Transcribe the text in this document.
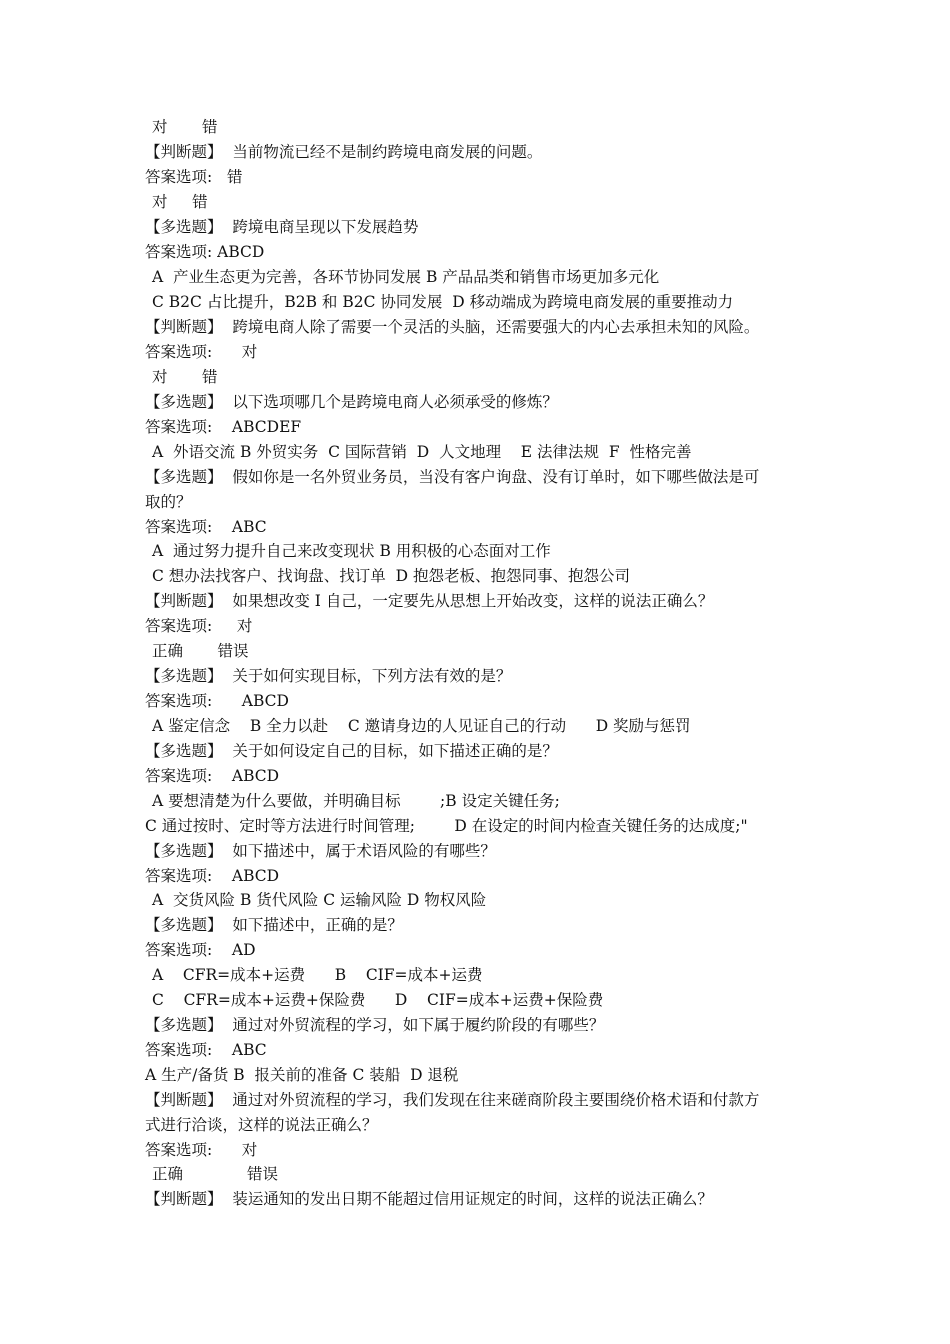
对       错
【判断题】  当前物流已经不是制约跨境电商发展的问题。
答案选项:   错
对     错
【多选题】  跨境电商呈现以下发展趋势
答案选项: ABCD
A  产业生态更为完善，各环节协同发展 B 产品品类和销售市场更加多元化
C B2C 占比提升，B2B 和 B2C 协同发展  D 移动端成为跨境电商发展的重要推动力
【判断题】  跨境电商人除了需要一个灵活的头脑，还需要强大的内心去承担未知的风险。
答案选项:      对
对       错
【多选题】  以下选项哪几个是跨境电商人必须承受的修炼？
答案选项:    ABCDEF
A  外语交流 B 外贸实务  C 国际营销  D  人文地理    E 法律法规  F  性格完善
【多选题】  假如你是一名外贸业务员，当没有客户询盘、没有订单时，如下哪些做法是可
取的？
答案选项:    ABC
A  通过努力提升自己来改变现状 B 用积极的心态面对工作
C 想办法找客户、找询盘、找订单  D 抱怨老板、抱怨同事、抱怨公司
【判断题】  如果想改变 I 自己，一定要先从思想上开始改变，这样的说法正确么？
答案选项:     对
正确       错误
【多选题】  关于如何实现目标，下列方法有效的是？
答案选项:      ABCD
A 鉴定信念    B 全力以赴    C 邀请身边的人见证自己的行动      D 奖励与惩罚
【多选题】  关于如何设定自己的目标，如下描述正确的是？
答案选项:    ABCD
A 要想清楚为什么要做，并明确目标        ;B 设定关键任务;
C 通过按时、定时等方法进行时间管理;        D 在设定的时间内检查关键任务的达成度;"
【多选题】  如下描述中，属于术语风险的有哪些？
答案选项:    ABCD
A  交货风险 B 货代风险 C 运输风险 D 物权风险
【多选题】  如下描述中，正确的是？
答案选项:    AD
A    CFR=成本+运费      B    CIF=成本+运费
C    CFR=成本+运费+保险费      D    CIF=成本+运费+保险费
【多选题】  通过对外贸流程的学习，如下属于履约阶段的有哪些？
答案选项:    ABC
A 生产/备货 B  报关前的准备 C 装船  D 退税
【判断题】  通过对外贸流程的学习，我们发现在往来磋商阶段主要围绕价格术语和付款方
式进行洽谈，这样的说法正确么？
答案选项:      对
正确             错误
【判断题】  装运通知的发出日期不能超过信用证规定的时间，这样的说法正确么？
